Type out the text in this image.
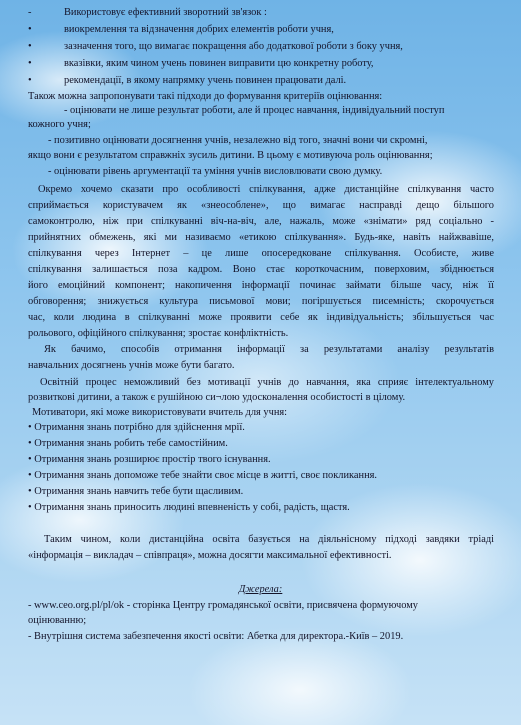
-	Використовує ефективний зворотний зв'язок :
•	виокремлення та відзначення добрих елементів роботи учня,
•	зазначення того, що вимагає покращення або додаткової роботи з боку учня,
•	вказівки, яким чином учень повинен виправити цю конкретну роботу,
•	рекомендації, в якому напрямку учень повинен працювати далі.
Також можна запропонувати такі підходи до формування критеріїв оцінювання:
- оцінювати не лише результат роботи, але й процес навчання, індивідуальний поступ
кожного учня;
- позитивно оцінювати досягнення учнів, незалежно від того, значні вони чи скромні,
якщо вони є результатом справжніх зусиль дитини. В цьому є мотивуюча роль оцінювання;
- оцінювати рівень аргументації та уміння учнів висловлювати свою думку.
Окремо хочемо сказати про особливості спілкування, адже дистанційне спілкування часто
сприймається користувачем як «знеособлене», що вимагає насправді дещо більшого
самоконтролю, ніж при спілкуванні віч-на-віч, але, нажаль, може «знімати» ряд соціально -
прийнятних обмежень, які ми називаємо «етикою спілкування». Будь-яке, навіть найжвавіше,
спілкування через Інтернет – це лише опосередковане спілкування. Особисте, живе
спілкування залишається поза кадром. Воно стає короткочасним, поверховим, збіднюється
його емоційний компонент; накопичення інформації починає займати більше часу, ніж її
обговорення; знижується культура письмової мови; погіршується писемність; скорочується
час, коли людина в спілкуванні може проявити себе як індивідуальність; збільшується час
рольового, офіційного спілкування; зростає конфліктність.
Як бачимо, способів отримання інформації за результатами аналізу результатів
навчальних досягнень учнів може бути багато.
Освітній процес неможливий без мотивації учнів до навчання, яка сприяє інтелектуальному
розвиткові дитини, а також є рушійною си¬лою удосконалення особистості в цілому.
Мотиватори, які може використовувати вчитель для учня:
• Отримання знань потрібно для здійснення мрії.
• Отримання знань робить тебе самостійним.
• Отримання знань розширює простір твого існування.
• Отримання знань допоможе тебе знайти своє місце в житті, своє покликання.
• Отримання знань навчить тебе бути щасливим.
• Отримання знань приносить людині впевненість у собі, радість, щастя.
Таким чином, коли дистанційна освіта базується на діяльнісному підході завдяки тріаді
«інформація – викладач – співпраця», можна досягти максимальної ефективності.
Джерела:
- www.ceo.org.pl/pl/ok - сторінка Центру громадянської освіти, присвячена формуючому
оцінюванню;
- Внутрішня система забезпечення якості освіти: Абетка для директора.-Київ – 2019.
